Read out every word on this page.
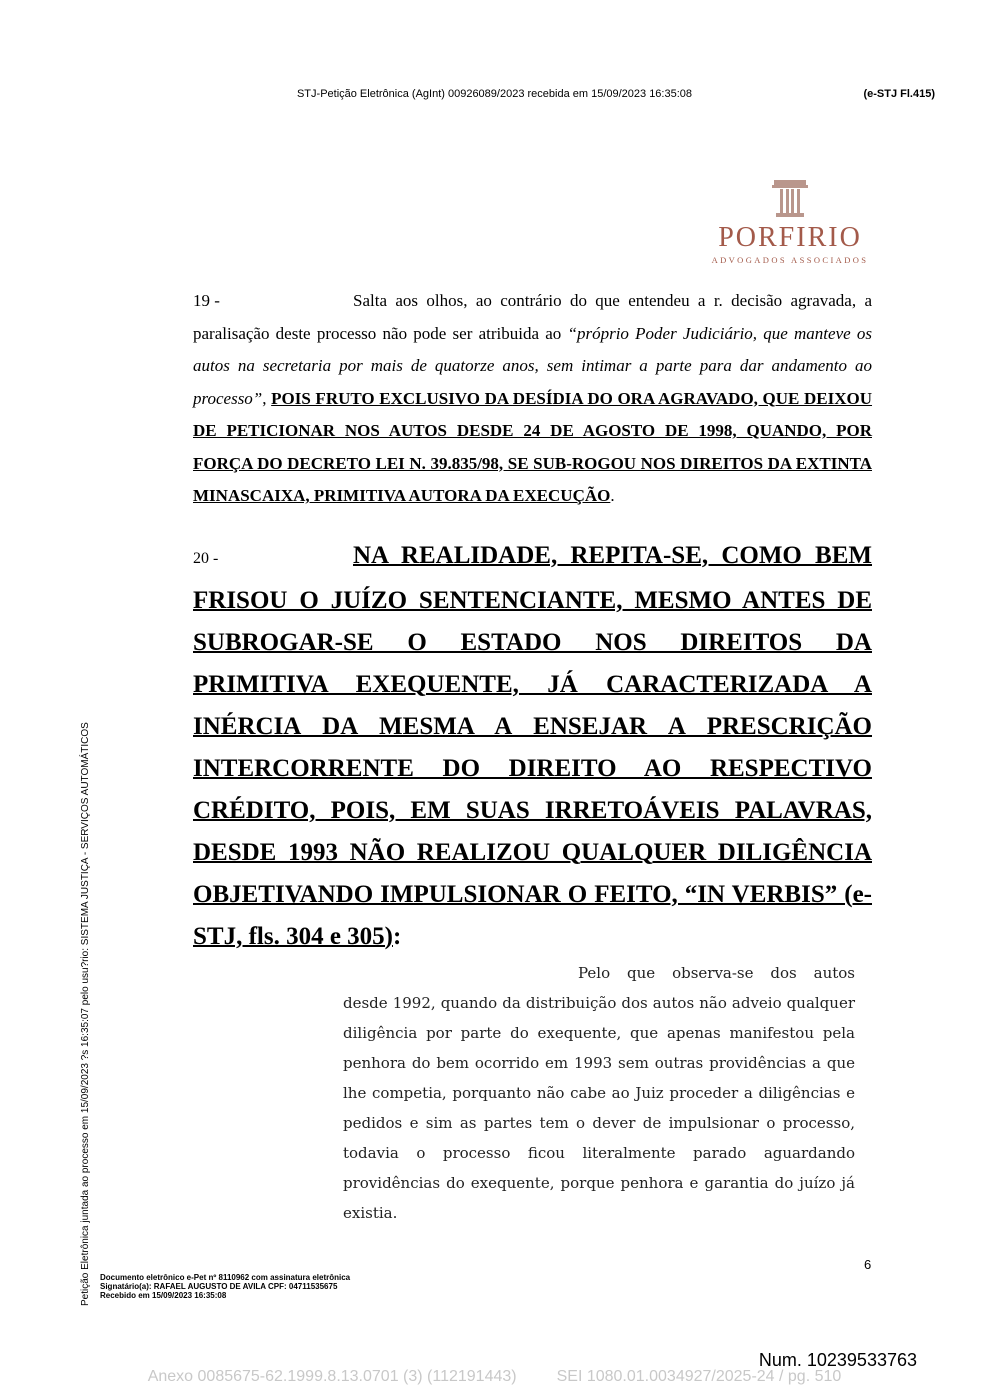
STJ-Petição Eletrônica (AgInt) 00926089/2023 recebida em 15/09/2023 16:35:08	(e-STJ Fl.415)
PORFIRIO
ADVOGADOS ASSOCIADOS
19 -	Salta aos olhos, ao contrário do que entendeu a r. decisão agravada, a paralisação deste processo não pode ser atribuida ao “próprio Poder Judiciário, que manteve os autos na secretaria por mais de quatorze anos, sem intimar a parte para dar andamento ao processo”, POIS FRUTO EXCLUSIVO DA DESÍDIA DO ORA AGRAVADO, QUE DEIXOU DE PETICIONAR NOS AUTOS DESDE 24 DE AGOSTO DE 1998, QUANDO, POR FORÇA DO DECRETO LEI N. 39.835/98, SE SUB-ROGOU NOS DIREITOS DA EXTINTA MINASCAIXA, PRIMITIVA AUTORA DA EXECUÇÃO.
20 -	NA REALIDADE, REPITA-SE, COMO BEM FRISOU O JUÍZO SENTENCIANTE, MESMO ANTES DE SUBROGAR-SE O ESTADO NOS DIREITOS DA PRIMITIVA EXEQUENTE, JÁ CARACTERIZADA A INÉRCIA DA MESMA A ENSEJAR A PRESCRIÇÃO INTERCORRENTE DO DIREITO AO RESPECTIVO CRÉDITO, POIS, EM SUAS IRRETOÁVEIS PALAVRAS, DESDE 1993 NÃO REALIZOU QUALQUER DILIGÊNCIA OBJETIVANDO IMPULSIONAR O FEITO, “IN VERBIS” (e-STJ, fls. 304 e 305):
Pelo que observa-se dos autos desde 1992, quando da distribuição dos autos não adveio qualquer diligência por parte do exequente, que apenas manifestou pela penhora do bem ocorrido em 1993 sem outras providências a que lhe competia, porquanto não cabe ao Juiz proceder a diligências e pedidos e sim as partes tem o dever de impulsionar o processo, todavia o processo ficou literalmente parado aguardando providências do exequente, porque penhora e garantia do juízo já existia.
6
Documento eletrônico e-Pet nº 8110962 com assinatura eletrônica
Signatário(a): RAFAEL AUGUSTO DE AVILA CPF: 04711535675
Recebido em 15/09/2023 16:35:08
Petição Eletrônica juntada ao processo em 15/09/2023 ?s 16:35:07 pelo usu?rio: SISTEMA JUSTIÇA - SERVIÇOS AUTOMÁTICOS
Num. 10239533763
Anexo 0085675-62.1999.8.13.0701 (3) (112191443)         SEI 1080.01.0034927/2025-24 / pg. 510
